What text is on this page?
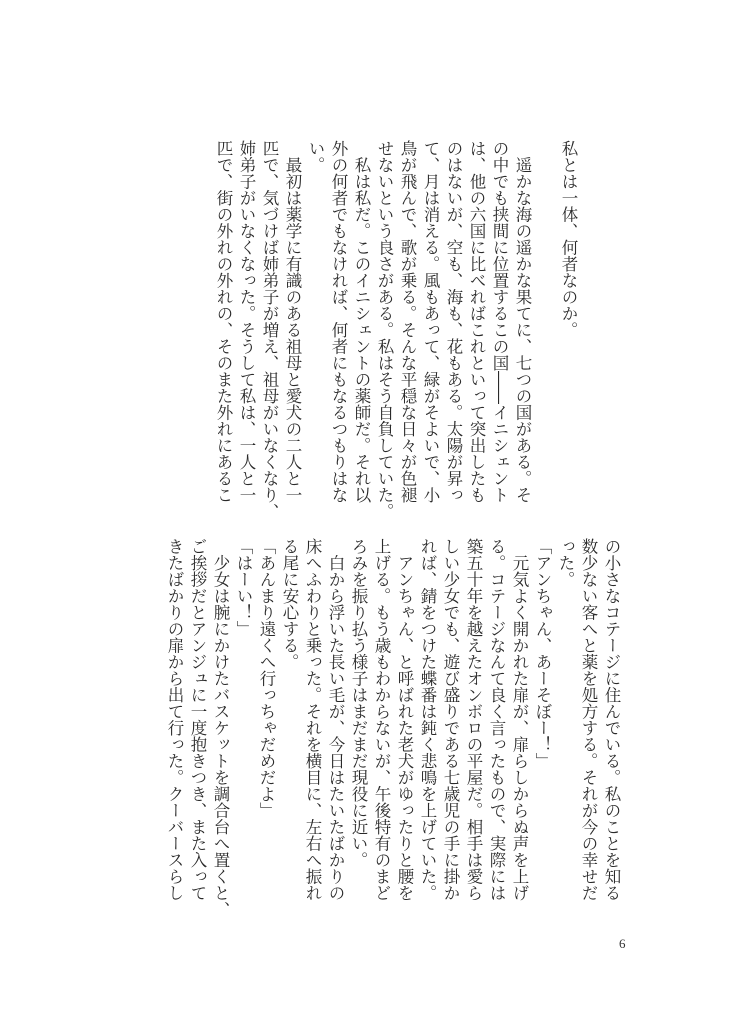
私とは一体、何者なのか。
　遥かな海の遥かな果てに、七つの国がある。そ
の中でも挟間に位置するこの国――イニシェント
は、他の六国に比べればこれといって突出したも
のはないが、空も、海も、花もある。太陽が昇っ
て、月は消える。風もあって、緑がそよいで、小
鳥が飛んで、歌が乗る。そんな平穏な日々が色褪
せないという良さがある。私はそう自負していた。
　私は私だ。このイニシェントの薬師だ。それ以
外の何者でもなければ、何者にもなるつもりはな
い。
　最初は薬学に有識のある祖母と愛犬の二人と一
匹で、気づけば姉弟子が増え、祖母がいなくなり、
姉弟子がいなくなった。そうして私は、一人と一
匹で、街の外れの外れの、そのまた外れにあるこ
の小さなコテージに住んでいる。私のことを知る
数少ない客へと薬を処方する。それが今の幸せだ
った。
「アンちゃん、あーそぼー！」
　元気よく開かれた扉が、扉らしからぬ声を上げ
る。コテージなんて良く言ったもので、実際には
築五十年を越えたオンボロの平屋だ。相手は愛ら
しい少女でも、遊び盛りである七歳児の手に掛か
れば、錆をつけた蝶番は鈍く悲鳴を上げていた。
　アンちゃん、と呼ばれた老犬がゆったりと腰を
上げる。もう歳もわからないが、午後特有のまど
ろみを振り払う様子はまだまだ現役に近い。
　白から浮いた長い毛が、今日はたいたばかりの
床へふわりと乗った。それを横目に、左右へ振れ
る尾に安心する。
「あんまり遠くへ行っちゃだめだよ」
「はーい！」
　少女は腕にかけたバスケットを調合台へ置くと、
ご挨拶だとアンジュに一度抱きつき、また入って
きたばかりの扉から出て行った。クーバースらし
6
